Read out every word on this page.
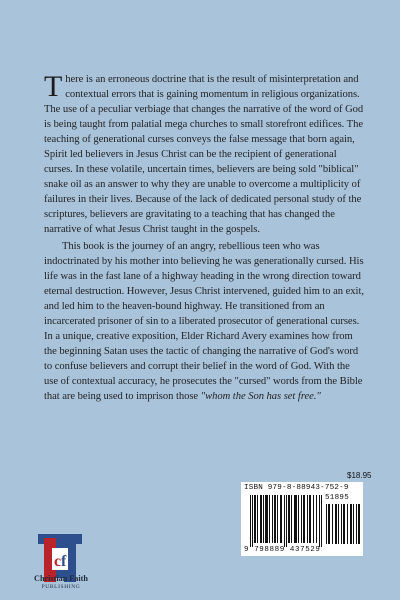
There is an erroneous doctrine that is the result of misinterpretation and contextual errors that is gaining momentum in religious organizations. The use of a peculiar verbiage that changes the narrative of the word of God is being taught from palatial mega churches to small storefront edifices. The teaching of generational curses conveys the false message that born again, Spirit led believers in Jesus Christ can be the recipient of generational curses. In these volatile, uncertain times, believers are being sold "biblical" snake oil as an answer to why they are unable to overcome a multiplicity of failures in their lives. Because of the lack of dedicated personal study of the scriptures, believers are gravitating to a teaching that has changed the narrative of what Jesus Christ taught in the gospels.

This book is the journey of an angry, rebellious teen who was indoctrinated by his mother into believing he was generationally cursed. His life was in the fast lane of a highway heading in the wrong direction toward eternal destruction. However, Jesus Christ intervened, guided him to an exit, and led him to the heaven-bound highway. He transitioned from an incarcerated prisoner of sin to a liberated prosecutor of generational curses. In a unique, creative exposition, Elder Richard Avery examines how from the beginning Satan uses the tactic of changing the narrative of God's word to confuse believers and corrupt their belief in the word of God. With the use of contextual accuracy, he prosecutes the "cursed" words from the Bible that are being used to imprison those "whom the Son has set free."

$18.95
ISBN 979-8-88943-752-9
51895
9 798889 437529
c f
Christian Faith
PUBLISHING
